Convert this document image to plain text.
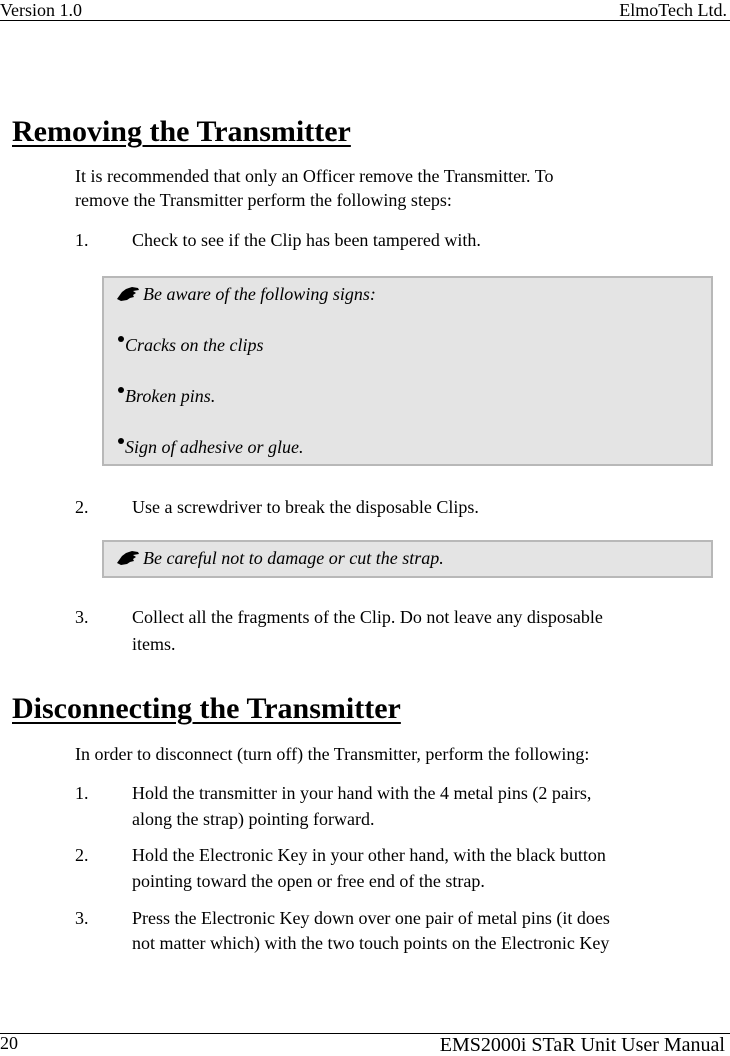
Version 1.0	ElmoTech Ltd.
Removing the Transmitter
It is recommended that only an Officer remove the Transmitter. To
remove the Transmitter perform the following steps:
1. Check to see if the Clip has been tampered with.
Be aware of the following signs:
Cracks on the clips
Broken pins.
Sign of adhesive or glue.
2. Use a screwdriver to break the disposable Clips.
Be careful not to damage or cut the strap.
3. Collect all the fragments of the Clip. Do not leave any disposable
items.
Disconnecting the Transmitter
In order to disconnect (turn off) the Transmitter, perform the following:
1. Hold the transmitter in your hand with the 4 metal pins (2 pairs,
along the strap) pointing forward.
2. Hold the Electronic Key in your other hand, with the black button
pointing toward the open or free end of the strap.
3. Press the Electronic Key down over one pair of metal pins (it does
not matter which) with the two touch points on the Electronic Key
20	EMS2000i STaR Unit User Manual
